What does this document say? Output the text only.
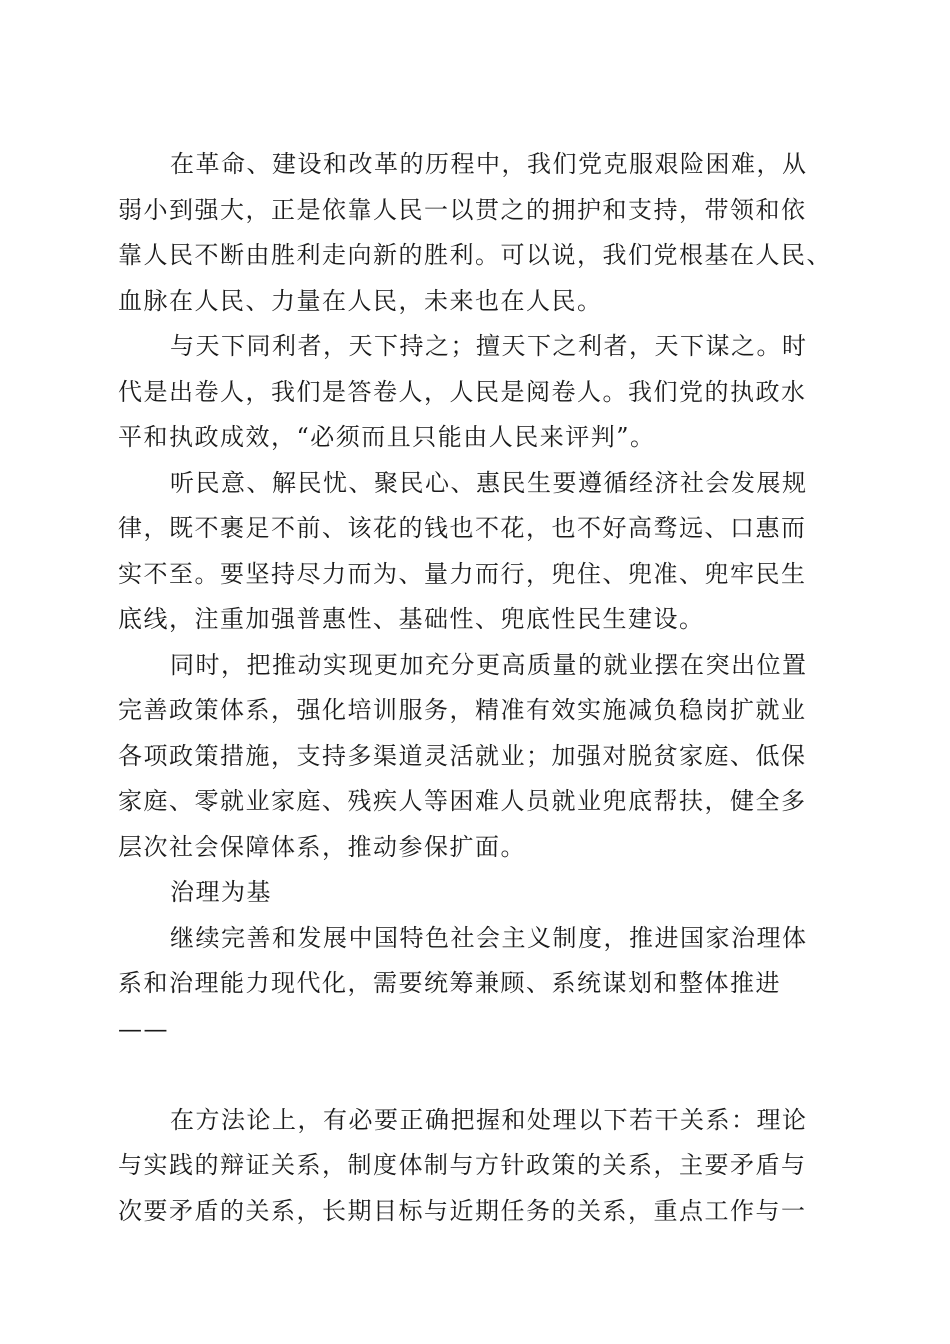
在革命、建设和改革的历程中，我们党克服艰险困难，从
弱小到强大，正是依靠人民一以贯之的拥护和支持，带领和依
靠人民不断由胜利走向新的胜利。可以说，我们党根基在人民、
血脉在人民、力量在人民，未来也在人民。
与天下同利者，天下持之；擅天下之利者，天下谋之。时
代是出卷人，我们是答卷人，人民是阅卷人。我们党的执政水
平和执政成效，“必须而且只能由人民来评判”。
听民意、解民忧、聚民心、惠民生要遵循经济社会发展规
律，既不裹足不前、该花的钱也不花，也不好高骛远、口惠而
实不至。要坚持尽力而为、量力而行，兜住、兜准、兜牢民生
底线，注重加强普惠性、基础性、兜底性民生建设。
同时，把推动实现更加充分更高质量的就业摆在突出位置
完善政策体系，强化培训服务，精准有效实施减负稳岗扩就业
各项政策措施，支持多渠道灵活就业；加强对脱贫家庭、低保
家庭、零就业家庭、残疾人等困难人员就业兜底帮扶，健全多
层次社会保障体系，推动参保扩面。
治理为基
继续完善和发展中国特色社会主义制度，推进国家治理体
系和治理能力现代化，需要统筹兼顾、系统谋划和整体推进
——
在方法论上，有必要正确把握和处理以下若干关系：理论
与实践的辩证关系，制度体制与方针政策的关系，主要矛盾与
次要矛盾的关系，长期目标与近期任务的关系，重点工作与一
